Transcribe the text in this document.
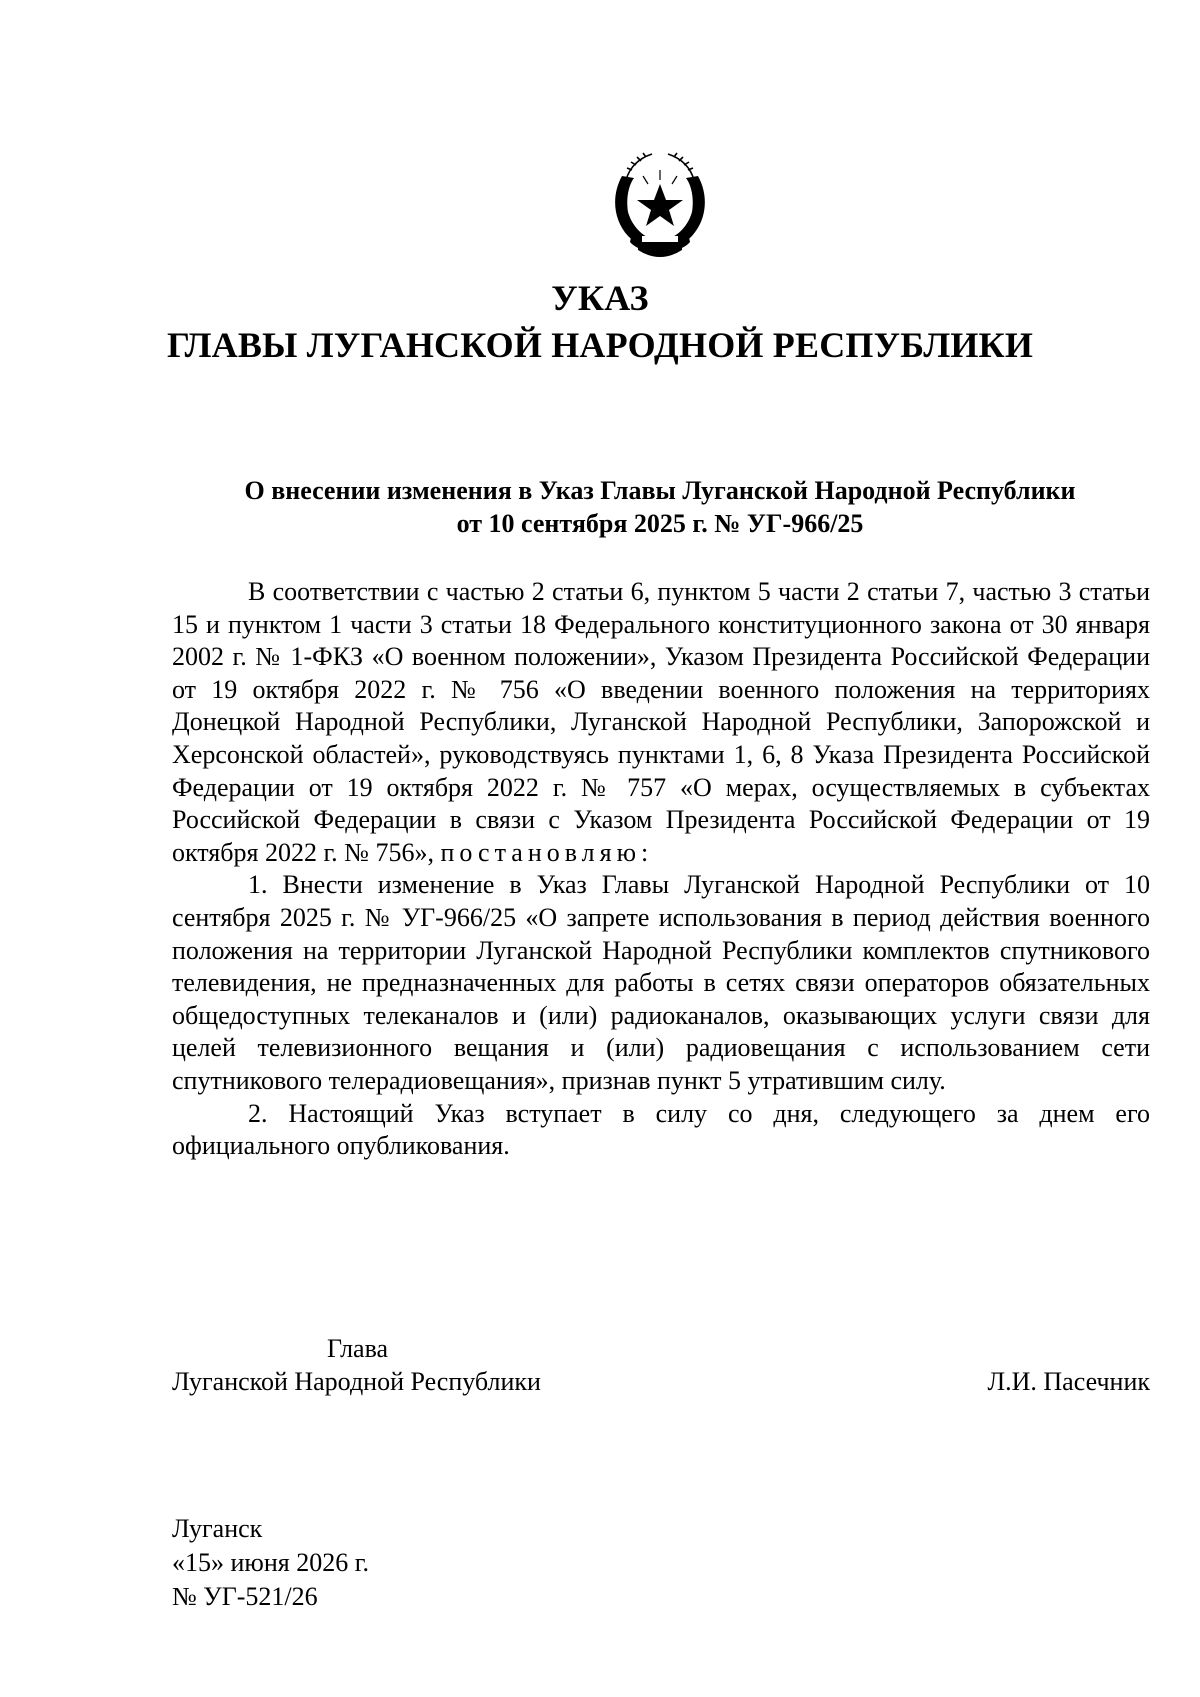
УКАЗ
ГЛАВЫ ЛУГАНСКОЙ НАРОДНОЙ РЕСПУБЛИКИ
О внесении изменения в Указ Главы Луганской Народной Республики
от 10 сентября 2025 г. № УГ-966/25

В соответствии с частью 2 статьи 6, пунктом 5 части 2 статьи 7, частью 3 статьи 15 и пунктом 1 части 3 статьи 18 Федерального конституционного закона от 30 января 2002 г. № 1-ФКЗ «О военном положении», Указом Президента Российской Федерации от 19 октября 2022 г. № 756 «О введении военного положения на территориях Донецкой Народной Республики, Луганской Народной Республики, Запорожской и Херсонской областей», руководствуясь пунктами 1, 6, 8 Указа Президента Российской Федерации от 19 октября 2022 г. № 757 «О мерах, осуществляемых в субъектах Российской Федерации в связи с Указом Президента Российской Федерации от 19 октября 2022 г. № 756», постановляю:

1. Внести изменение в Указ Главы Луганской Народной Республики от 10 сентября 2025 г. № УГ-966/25 «О запрете использования в период действия военного положения на территории Луганской Народной Республики комплектов спутникового телевидения, не предназначенных для работы в сетях связи операторов обязательных общедоступных телеканалов и (или) радиоканалов, оказывающих услуги связи для целей телевизионного вещания и (или) радиовещания с использованием сети спутникового телерадиовещания», признав пункт 5 утратившим силу.

2. Настоящий Указ вступает в силу со дня, следующего за днем его официального опубликования.

Глава
Луганской Народной Республики	Л.И. Пасечник
Луганск
«15» июня 2026 г.
№ УГ-521/26
